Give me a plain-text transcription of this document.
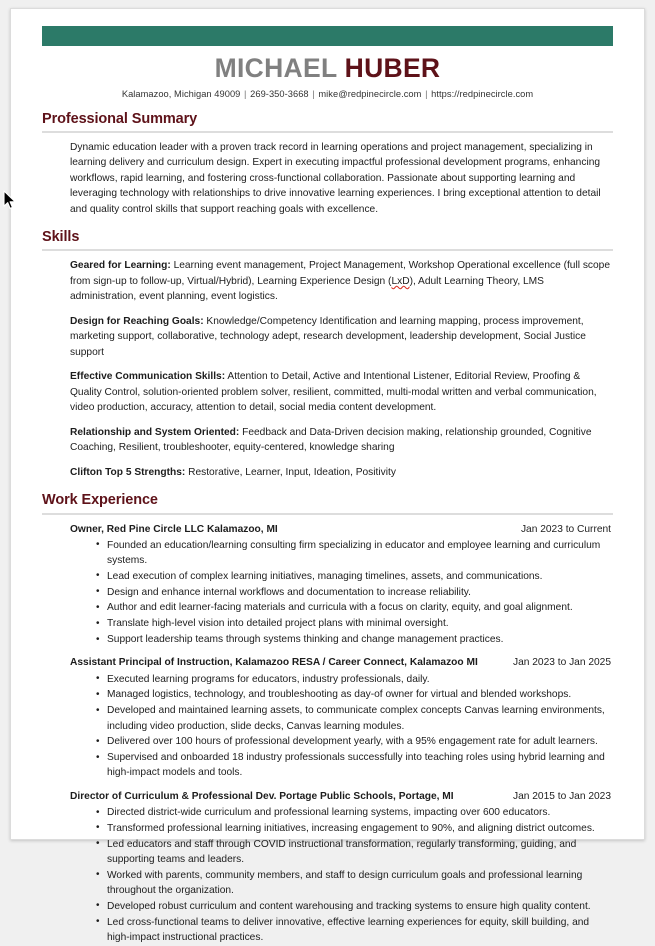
MICHAEL HUBER
Kalamazoo, Michigan 49009 | 269-350-3668 | mike@redpinecircle.com | https://redpinecircle.com
Professional Summary

Dynamic education leader with a proven track record in learning operations and project management, specializing in learning delivery and curriculum design. Expert in executing impactful professional development programs, enhancing workflows, rapid learning, and fostering cross-functional collaboration. Passionate about supporting learning and leveraging technology with relationships to drive innovative learning experiences. I bring exceptional attention to detail and quality control skills that support reaching goals with excellence.

Skills

Geared for Learning: Learning event management, Project Management, Workshop Operational excellence (full scope from sign-up to follow-up, Virtual/Hybrid), Learning Experience Design (LxD), Adult Learning Theory, LMS administration, event planning, event logistics.

Design for Reaching Goals: Knowledge/Competency Identification and learning mapping, process improvement, marketing support, collaborative, technology adept, research development, leadership development, Social Justice support

Effective Communication Skills: Attention to Detail, Active and Intentional Listener, Editorial Review, Proofing & Quality Control, solution-oriented problem solver, resilient, committed, multi-modal written and verbal communication, video production, accuracy, attention to detail, social media content development.

Relationship and System Oriented: Feedback and Data-Driven decision making, relationship grounded, Cognitive Coaching, Resilient, troubleshooter, equity-centered, knowledge sharing

Clifton Top 5 Strengths: Restorative, Learner, Input, Ideation, Positivity

Work Experience
Owner, Red Pine Circle LLC Kalamazoo, MI	Jan 2023 to Current
• Founded an education/learning consulting firm specializing in educator and employee learning and curriculum systems.
• Lead execution of complex learning initiatives, managing timelines, assets, and communications.
• Design and enhance internal workflows and documentation to increase reliability.
• Author and edit learner-facing materials and curricula with a focus on clarity, equity, and goal alignment.
• Translate high-level vision into detailed project plans with minimal oversight.
• Support leadership teams through systems thinking and change management practices.
Assistant Principal of Instruction, Kalamazoo RESA / Career Connect, Kalamazoo MI	Jan 2023 to Jan 2025
• Executed learning programs for educators, industry professionals, daily.
• Managed logistics, technology, and troubleshooting as day-of owner for virtual and blended workshops.
• Developed and maintained learning assets, to communicate complex concepts Canvas learning environments, including video production, slide decks, Canvas learning modules.
• Delivered over 100 hours of professional development yearly, with a 95% engagement rate for adult learners.
• Supervised and onboarded 18 industry professionals successfully into teaching roles using hybrid learning and high-impact models and tools.
Director of Curriculum & Professional Dev. Portage Public Schools, Portage, MI	Jan 2015 to Jan 2023
• Directed district-wide curriculum and professional learning systems, impacting over 600 educators.
• Transformed professional learning initiatives, increasing engagement to 90%, and aligning district outcomes.
• Led educators and staff through COVID instructional transformation, regularly transforming, guiding, and supporting teams and leaders.
• Worked with parents, community members, and staff to design curriculum goals and professional learning throughout the organization.
• Developed robust curriculum and content warehousing and tracking systems to ensure high quality content.
• Led cross-functional teams to deliver innovative, effective learning experiences for equity, skill building, and high-impact instructional practices.
